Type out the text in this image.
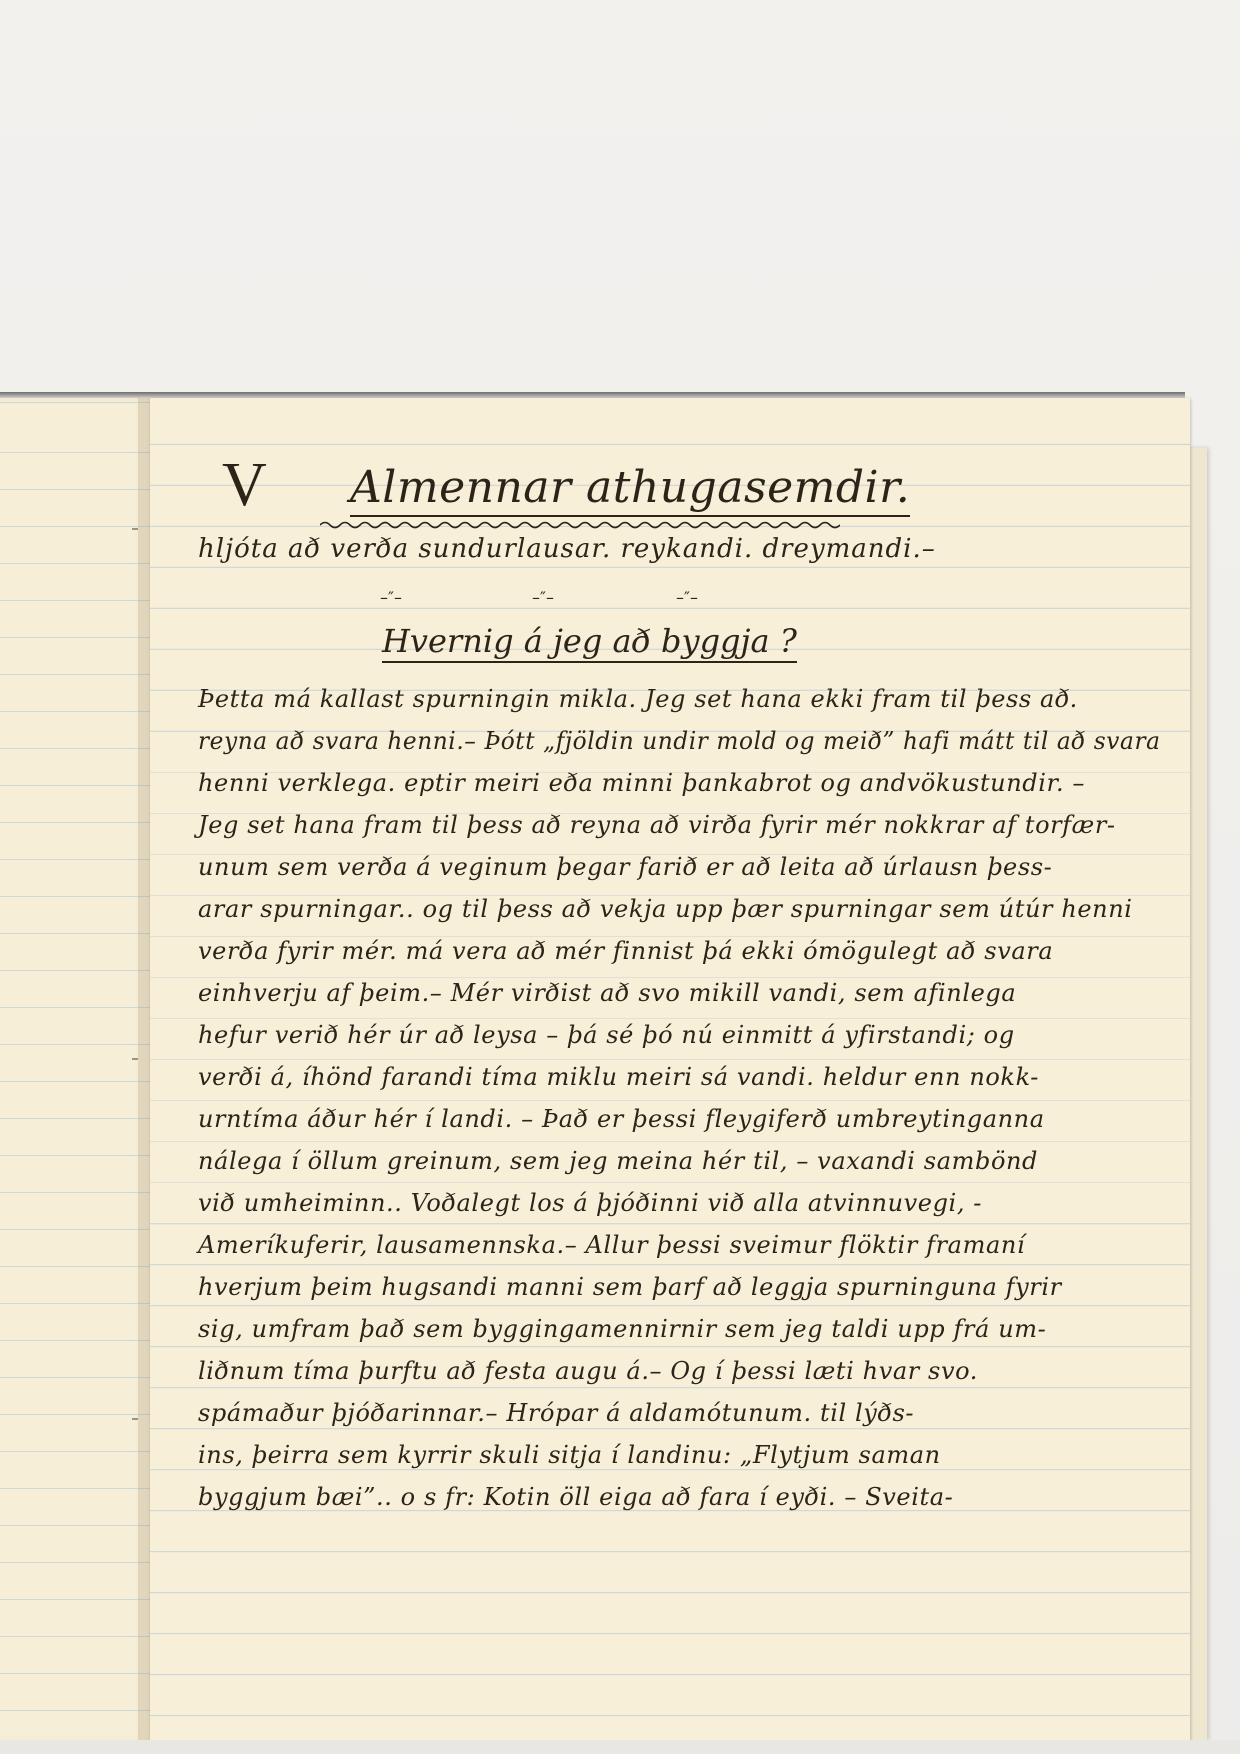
V Almennar athugasemdir.
hljóta að verða sundurlausar. reykandi. dreymandi.–
–″–	–″–	–″–
Hvernig á jeg að byggja ?
Þetta má kallast spurningin mikla. Jeg set hana ekki fram til þess að.
reyna að svara henni.– Þótt „fjöldin undir mold og meið” hafi mátt til að svara
henni verklega. eptir meiri eða minni þankabrot og andvökustundir. –
Jeg set hana fram til þess að reyna að virða fyrir mér nokkrar af torfær-
unum sem verða á veginum þegar farið er að leita að úrlausn þess-
arar spurningar.. og til þess að vekja upp þær spurningar sem útúr henni
verða fyrir mér. má vera að mér finnist þá ekki ómögulegt að svara
einhverju af þeim.– Mér virðist að svo mikill vandi, sem afinlega
hefur verið hér úr að leysa – þá sé þó nú einmitt á yfirstandi; og
verði á, íhönd farandi tíma miklu meiri sá vandi. heldur enn nokk-
urntíma áður hér í landi. – Það er þessi fleygiferð umbreytinganna
nálega í öllum greinum, sem jeg meina hér til, – vaxandi sambönd
við umheiminn.. Voðalegt los á þjóðinni við alla atvinnuvegi, -
Ameríkuferir, lausamennska.– Allur þessi sveimur flöktir framaní
hverjum þeim hugsandi manni sem þarf að leggja spurninguna fyrir
sig, umfram það sem byggingamennirnir sem jeg taldi upp frá um-
liðnum tíma þurftu að festa augu á.– Og í þessi læti hvar svo.
spámaður þjóðarinnar.– Hrópar á aldamótunum. til lýðs-
ins, þeirra sem kyrrir skuli sitja í landinu: „Flytjum saman
byggjum bæi”.. o s fr: Kotin öll eiga að fara í eyði. – Sveita-
